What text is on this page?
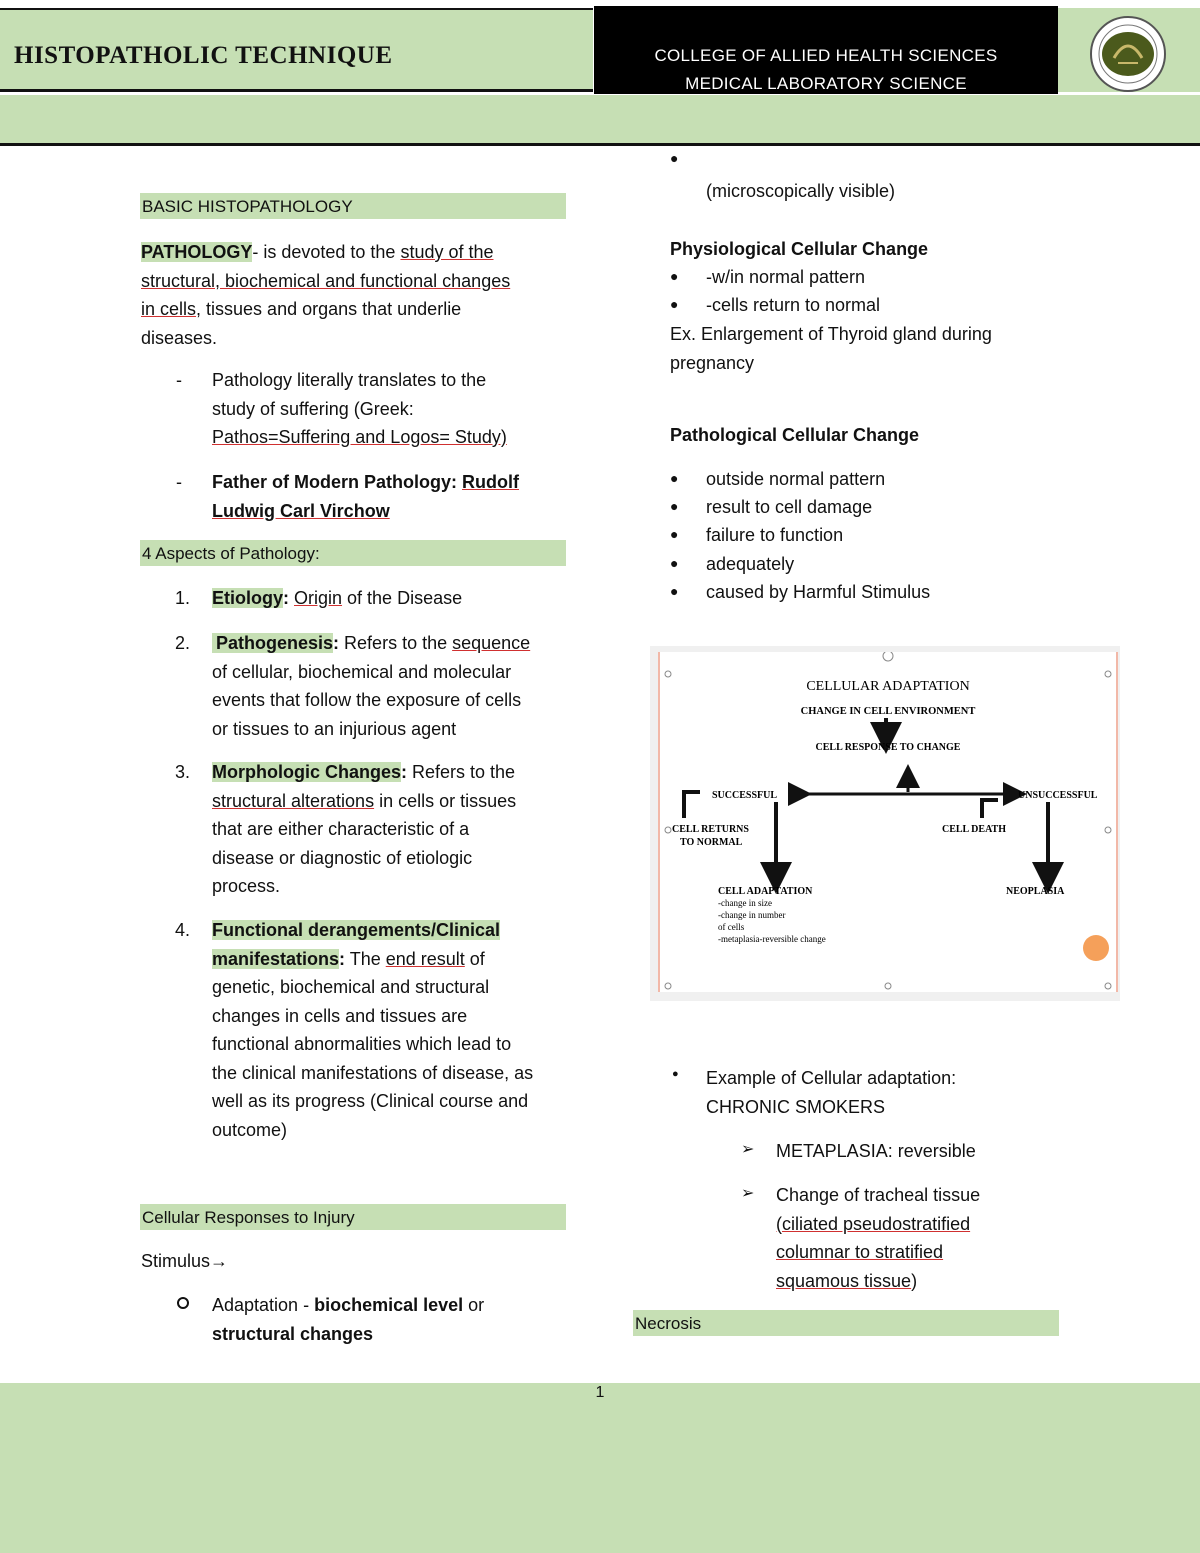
HISTOPATHOLIC TECHNIQUE	COLLEGE OF ALLIED HEALTH SCIENCES
MEDICAL LABORATORY SCIENCE
BASIC HISTOPATHOLOGY
PATHOLOGY- is devoted to the study of the
structural, biochemical and functional changes
in cells, tissues and organs that underlie
diseases.
- Pathology literally translates to the
study of suffering (Greek:
Pathos=Suffering and Logos= Study)
- Father of Modern Pathology: Rudolf
Ludwig Carl Virchow
4 Aspects of Pathology:
1. Etiology: Origin of the Disease
2. Pathogenesis: Refers to the sequence
of cellular, biochemical and molecular
events that follow the exposure of cells
or tissues to an injurious agent
3. Morphologic Changes: Refers to the
structural alterations in cells or tissues
that are either characteristic of a
disease or diagnostic of etiologic
process.
4. Functional derangements/Clinical
manifestations: The end result of
genetic, biochemical and structural
changes in cells and tissues are
functional abnormalities which lead to
the clinical manifestations of disease, as
well as its progress (Clinical course and
outcome)
Cellular Responses to Injury
Stimulus→
Adaptation - biochemical level or
structural changes
●
(microscopically visible)
Physiological Cellular Change
● -w/in normal pattern
● -cells return to normal
Ex. Enlargement of Thyroid gland during
pregnancy
Pathological Cellular Change
● outside normal pattern
● result to cell damage
● failure to function
● adequately
● caused by Harmful Stimulus
CELLULAR ADAPTATION
CHANGE IN CELL ENVIRONMENT
CELL RESPONSE TO CHANGE
SUCCESSFUL	UNSUCCESSFUL
CELL RETURNS
TO NORMAL
CELL DEATH
CELL ADAPTATION
-change in size
-change in number
of cells
-metaplasia-reversible change
NEOPLASIA
● Example of Cellular adaptation:
CHRONIC SMOKERS
➢ METAPLASIA: reversible
➢ Change of tracheal tissue
(ciliated pseudostratified
columnar to stratified
squamous tissue)
Necrosis
1
